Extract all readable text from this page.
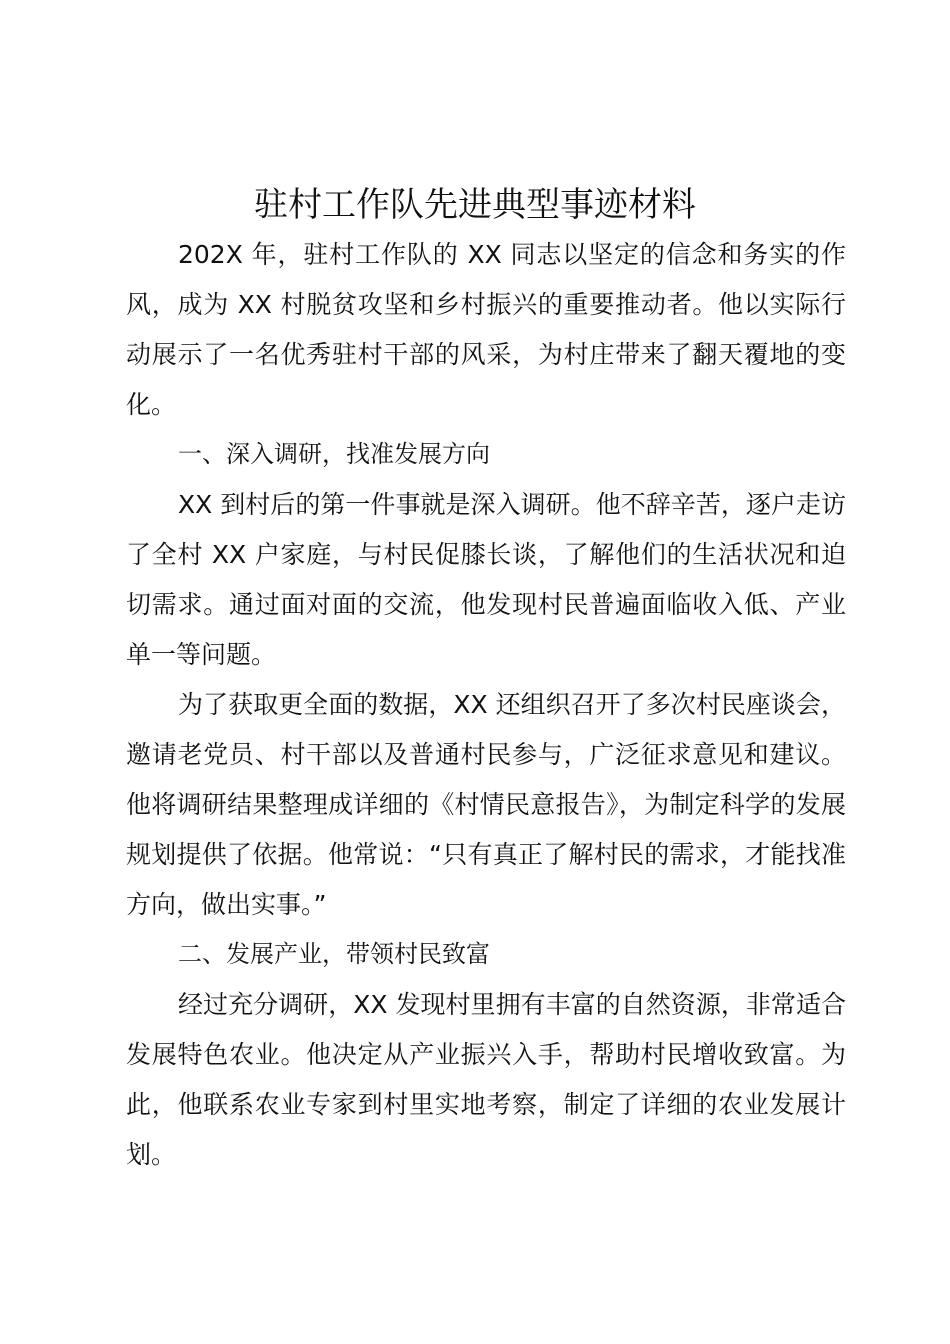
驻村工作队先进典型事迹材料

202X 年，驻村工作队的 XX 同志以坚定的信念和务实的作风，成为 XX 村脱贫攻坚和乡村振兴的重要推动者。他以实际行动展示了一名优秀驻村干部的风采，为村庄带来了翻天覆地的变化。

一、深入调研，找准发展方向

XX 到村后的第一件事就是深入调研。他不辞辛苦，逐户走访了全村 XX 户家庭，与村民促膝长谈，了解他们的生活状况和迫切需求。通过面对面的交流，他发现村民普遍面临收入低、产业单一等问题。

为了获取更全面的数据，XX 还组织召开了多次村民座谈会，邀请老党员、村干部以及普通村民参与，广泛征求意见和建议。他将调研结果整理成详细的《村情民意报告》，为制定科学的发展规划提供了依据。他常说：“只有真正了解村民的需求，才能找准方向，做出实事。”

二、发展产业，带领村民致富

经过充分调研，XX 发现村里拥有丰富的自然资源，非常适合发展特色农业。他决定从产业振兴入手，帮助村民增收致富。为此，他联系农业专家到村里实地考察，制定了详细的农业发展计划。
